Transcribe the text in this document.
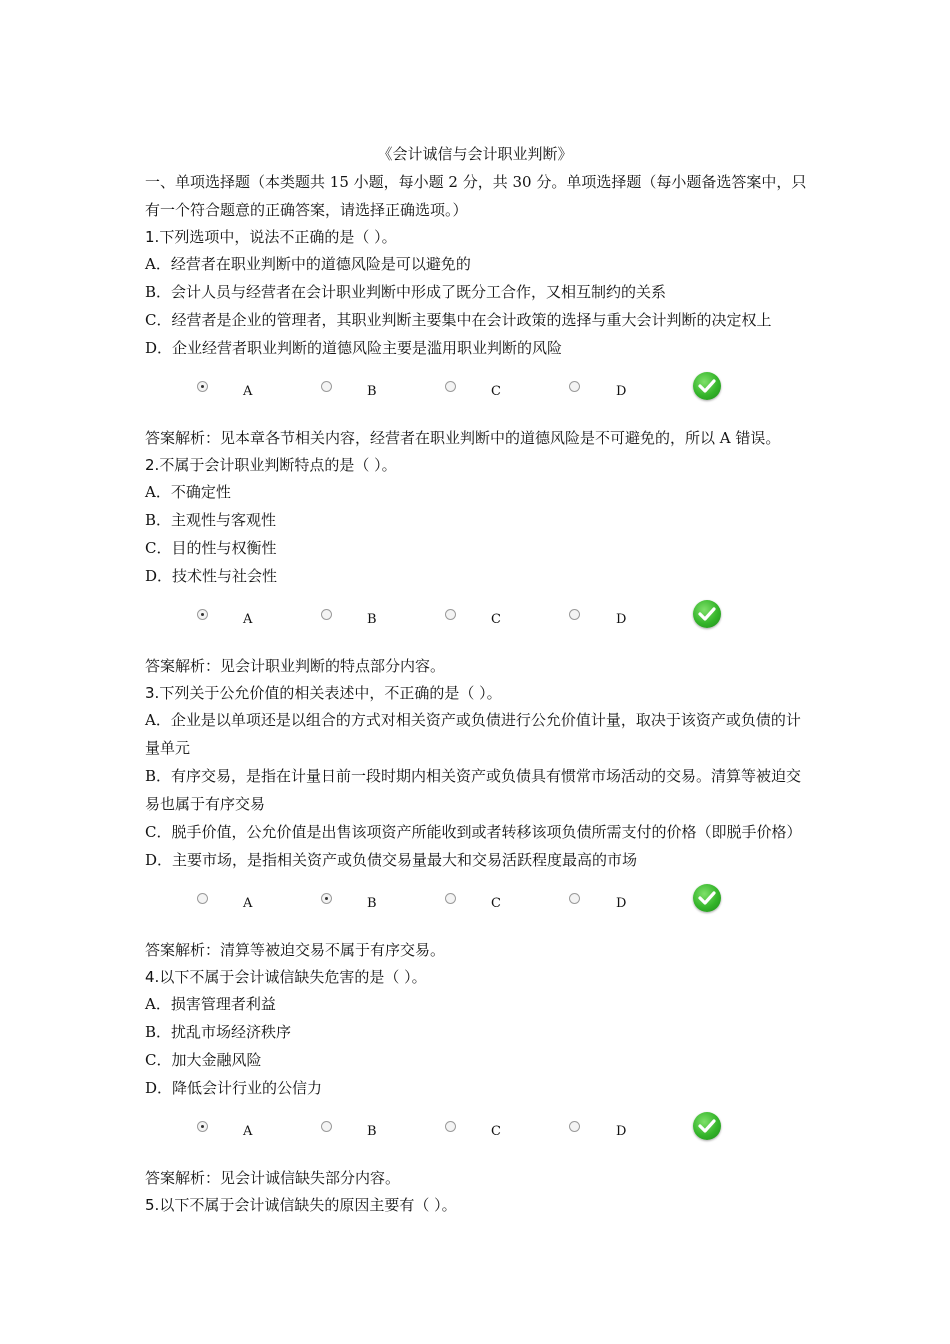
《会计诚信与会计职业判断》

一、单项选择题（本类题共 15 小题，每小题 2 分，共 30 分。单项选择题（每小题备选答案中，只有一个符合题意的正确答案，请选择正确选项。）

1.下列选项中，说法不正确的是（ ）。

A．经营者在职业判断中的道德风险是可以避免的

B．会计人员与经营者在会计职业判断中形成了既分工合作，又相互制约的关系

C．经营者是企业的管理者，其职业判断主要集中在会计政策的选择与重大会计判断的决定权上

D．企业经营者职业判断的道德风险主要是滥用职业判断的风险

A	B	C	D

答案解析：见本章各节相关内容，经营者在职业判断中的道德风险是不可避免的，所以 A 错误。

2.不属于会计职业判断特点的是（ ）。

A．不确定性

B．主观性与客观性

C．目的性与权衡性

D．技术性与社会性

A	B	C	D

答案解析：见会计职业判断的特点部分内容。

3.下列关于公允价值的相关表述中，不正确的是（ ）。

A．企业是以单项还是以组合的方式对相关资产或负债进行公允价值计量，取决于该资产或负债的计量单元

B．有序交易，是指在计量日前一段时期内相关资产或负债具有惯常市场活动的交易。清算等被迫交易也属于有序交易

C．脱手价值，公允价值是出售该项资产所能收到或者转移该项负债所需支付的价格（即脱手价格）

D．主要市场，是指相关资产或负债交易量最大和交易活跃程度最高的市场

A	B	C	D

答案解析：清算等被迫交易不属于有序交易。

4.以下不属于会计诚信缺失危害的是（ ）。

A．损害管理者利益

B．扰乱市场经济秩序

C．加大金融风险

D．降低会计行业的公信力

A	B	C	D

答案解析：见会计诚信缺失部分内容。

5.以下不属于会计诚信缺失的原因主要有（ ）。
